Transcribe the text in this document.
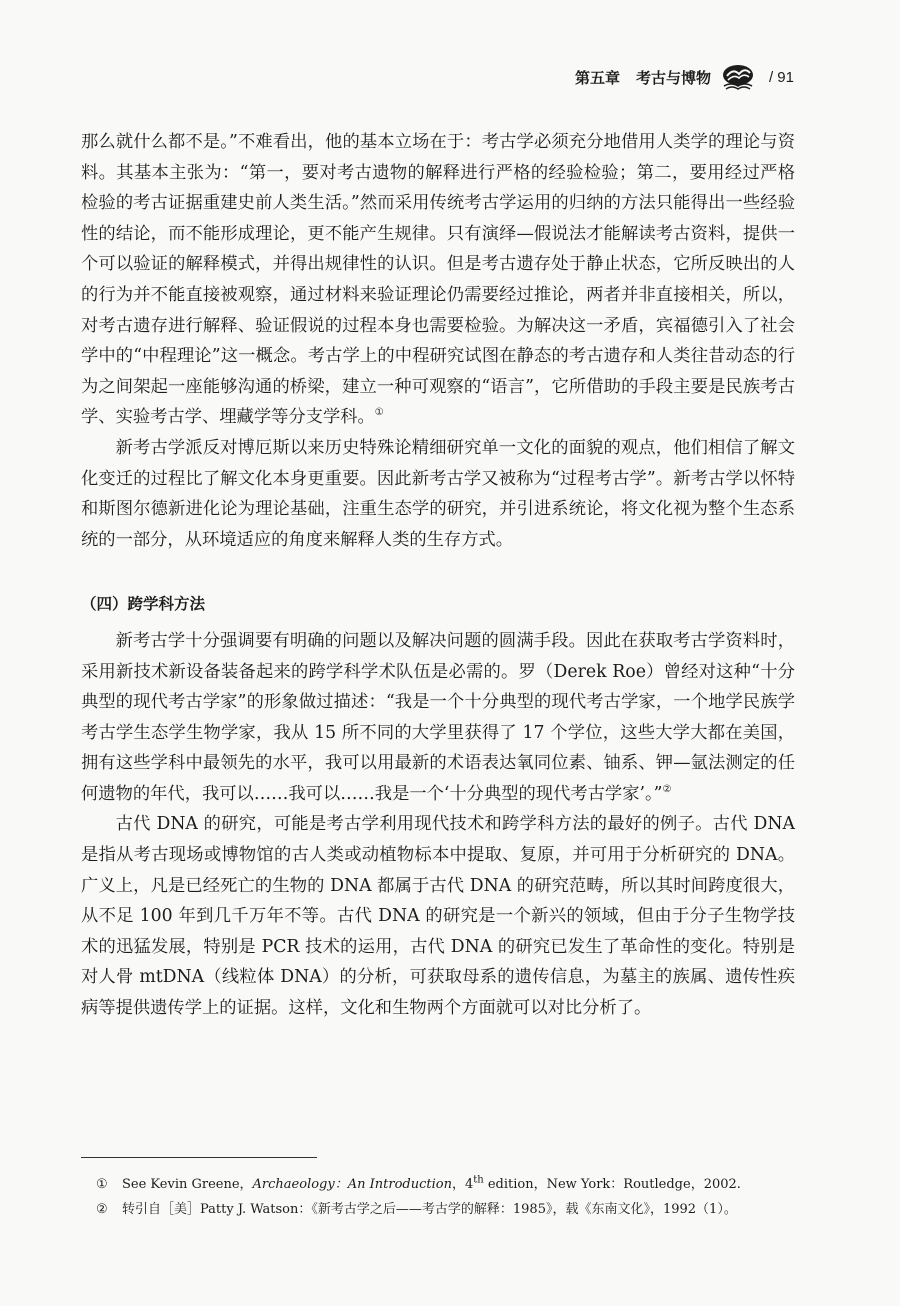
第五章 考古与博物	/ 91

那么就什么都不是。”不难看出，他的基本立场在于：考古学必须充分地借用人类学的理论与资料。其基本主张为：“第一，要对考古遗物的解释进行严格的经验检验；第二，要用经过严格检验的考古证据重建史前人类生活。”然而采用传统考古学运用的归纳的方法只能得出一些经验性的结论，而不能形成理论，更不能产生规律。只有演绎—假说法才能解读考古资料，提供一个可以验证的解释模式，并得出规律性的认识。但是考古遗存处于静止状态，它所反映出的人的行为并不能直接被观察，通过材料来验证理论仍需要经过推论，两者并非直接相关，所以，对考古遗存进行解释、验证假说的过程本身也需要检验。为解决这一矛盾，宾福德引入了社会学中的“中程理论”这一概念。考古学上的中程研究试图在静态的考古遗存和人类往昔动态的行为之间架起一座能够沟通的桥梁，建立一种可观察的“语言”，它所借助的手段主要是民族考古学、实验考古学、埋藏学等分支学科。①

新考古学派反对博厄斯以来历史特殊论精细研究单一文化的面貌的观点，他们相信了解文化变迁的过程比了解文化本身更重要。因此新考古学又被称为“过程考古学”。新考古学以怀特和斯图尔德新进化论为理论基础，注重生态学的研究，并引进系统论，将文化视为整个生态系统的一部分，从环境适应的角度来解释人类的生存方式。

（四）跨学科方法

新考古学十分强调要有明确的问题以及解决问题的圆满手段。因此在获取考古学资料时，采用新技术新设备装备起来的跨学科学术队伍是必需的。罗（Derek Roe）曾经对这种“十分典型的现代考古学家”的形象做过描述：“我是一个十分典型的现代考古学家，一个地学民族学考古学生态学生物学家，我从 15 所不同的大学里获得了 17 个学位，这些大学大都在美国，拥有这些学科中最领先的水平，我可以用最新的术语表达氧同位素、铀系、钾—氩法测定的任何遗物的年代，我可以……我可以……我是一个‘十分典型的现代考古学家’。”②

古代 DNA 的研究，可能是考古学利用现代技术和跨学科方法的最好的例子。古代 DNA 是指从考古现场或博物馆的古人类或动植物标本中提取、复原，并可用于分析研究的 DNA。广义上，凡是已经死亡的生物的 DNA 都属于古代 DNA 的研究范畴，所以其时间跨度很大，从不足 100 年到几千万年不等。古代 DNA 的研究是一个新兴的领域，但由于分子生物学技术的迅猛发展，特别是 PCR 技术的运用，古代 DNA 的研究已发生了革命性的变化。特别是对人骨 mtDNA（线粒体 DNA）的分析，可获取母系的遗传信息，为墓主的族属、遗传性疾病等提供遗传学上的证据。这样，文化和生物两个方面就可以对比分析了。

①	See Kevin Greene，Archaeology：An Introduction，4th edition，New York：Routledge，2002.
②	转引自［美］Patty J. Watson：《新考古学之后——考古学的解释：1985》，载《东南文化》，1992（1）。
